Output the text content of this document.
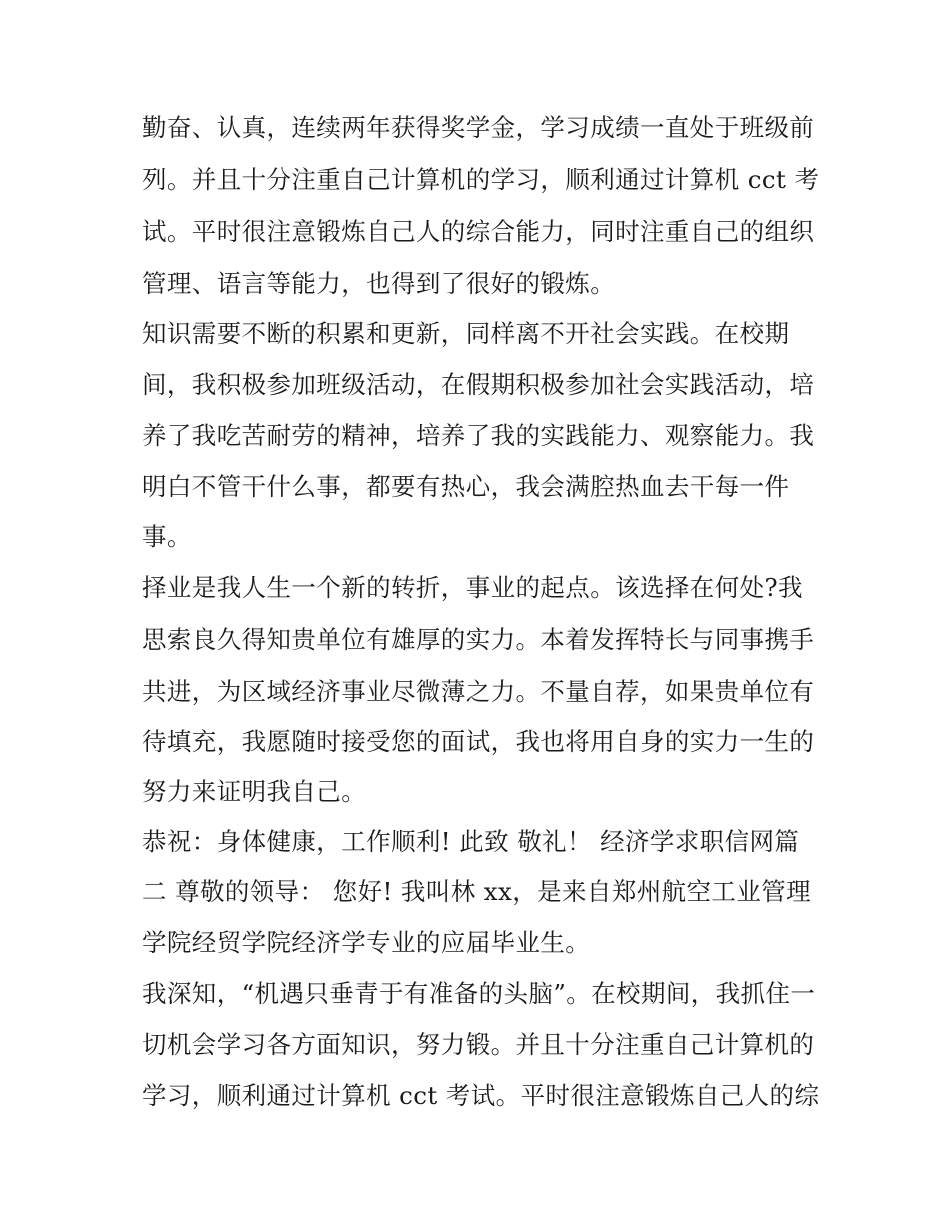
勤奋、认真，连续两年获得奖学金，学习成绩一直处于班级前
列。并且十分注重自己计算机的学习，顺利通过计算机 cct 考
试。平时很注意锻炼自己人的综合能力，同时注重自己的组织
管理、语言等能力，也得到了很好的锻炼。
知识需要不断的积累和更新，同样离不开社会实践。在校期
间，我积极参加班级活动，在假期积极参加社会实践活动，培
养了我吃苦耐劳的精神，培养了我的实践能力、观察能力。我
明白不管干什么事，都要有热心，我会满腔热血去干每一件
事。
择业是我人生一个新的转折，事业的起点。该选择在何处?我
思索良久得知贵单位有雄厚的实力。本着发挥特长与同事携手
共进，为区域经济事业尽微薄之力。不量自荐，如果贵单位有
待填充，我愿随时接受您的面试，我也将用自身的实力一生的
努力来证明我自己。
恭祝：身体健康，工作顺利! 此致 敬礼！ 经济学求职信网篇
二 尊敬的领导： 您好! 我叫林 xx，是来自郑州航空工业管理
学院经贸学院经济学专业的应届毕业生。
我深知，“机遇只垂青于有准备的头脑”。在校期间，我抓住一
切机会学习各方面知识，努力锻。并且十分注重自己计算机的
学习，顺利通过计算机 cct 考试。平时很注意锻炼自己人的综
